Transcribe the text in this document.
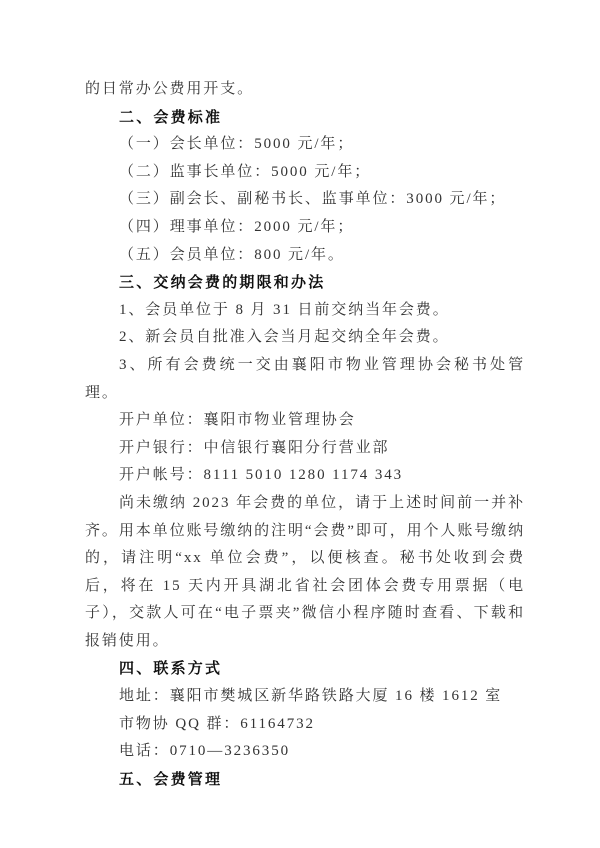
的日常办公费用开支。

二、会费标准

（一）会长单位：5000 元/年；

（二）监事长单位：5000 元/年；

（三）副会长、副秘书长、监事单位：3000 元/年；

（四）理事单位：2000 元/年；

（五）会员单位：800 元/年。

三、交纳会费的期限和办法

1、会员单位于 8 月 31 日前交纳当年会费。

2、新会员自批准入会当月起交纳全年会费。

3、所有会费统一交由襄阳市物业管理协会秘书处管理。

开户单位：襄阳市物业管理协会

开户银行：中信银行襄阳分行营业部

开户帐号：8111 5010 1280 1174 343

尚未缴纳 2023 年会费的单位，请于上述时间前一并补齐。用本单位账号缴纳的注明“会费”即可，用个人账号缴纳的，请注明“xx 单位会费”，以便核查。秘书处收到会费后，将在 15 天内开具湖北省社会团体会费专用票据（电子），交款人可在“电子票夹”微信小程序随时查看、下载和报销使用。

四、联系方式

地址：襄阳市樊城区新华路铁路大厦 16 楼 1612 室

市物协 QQ 群：61164732

电话：0710—3236350

五、会费管理
